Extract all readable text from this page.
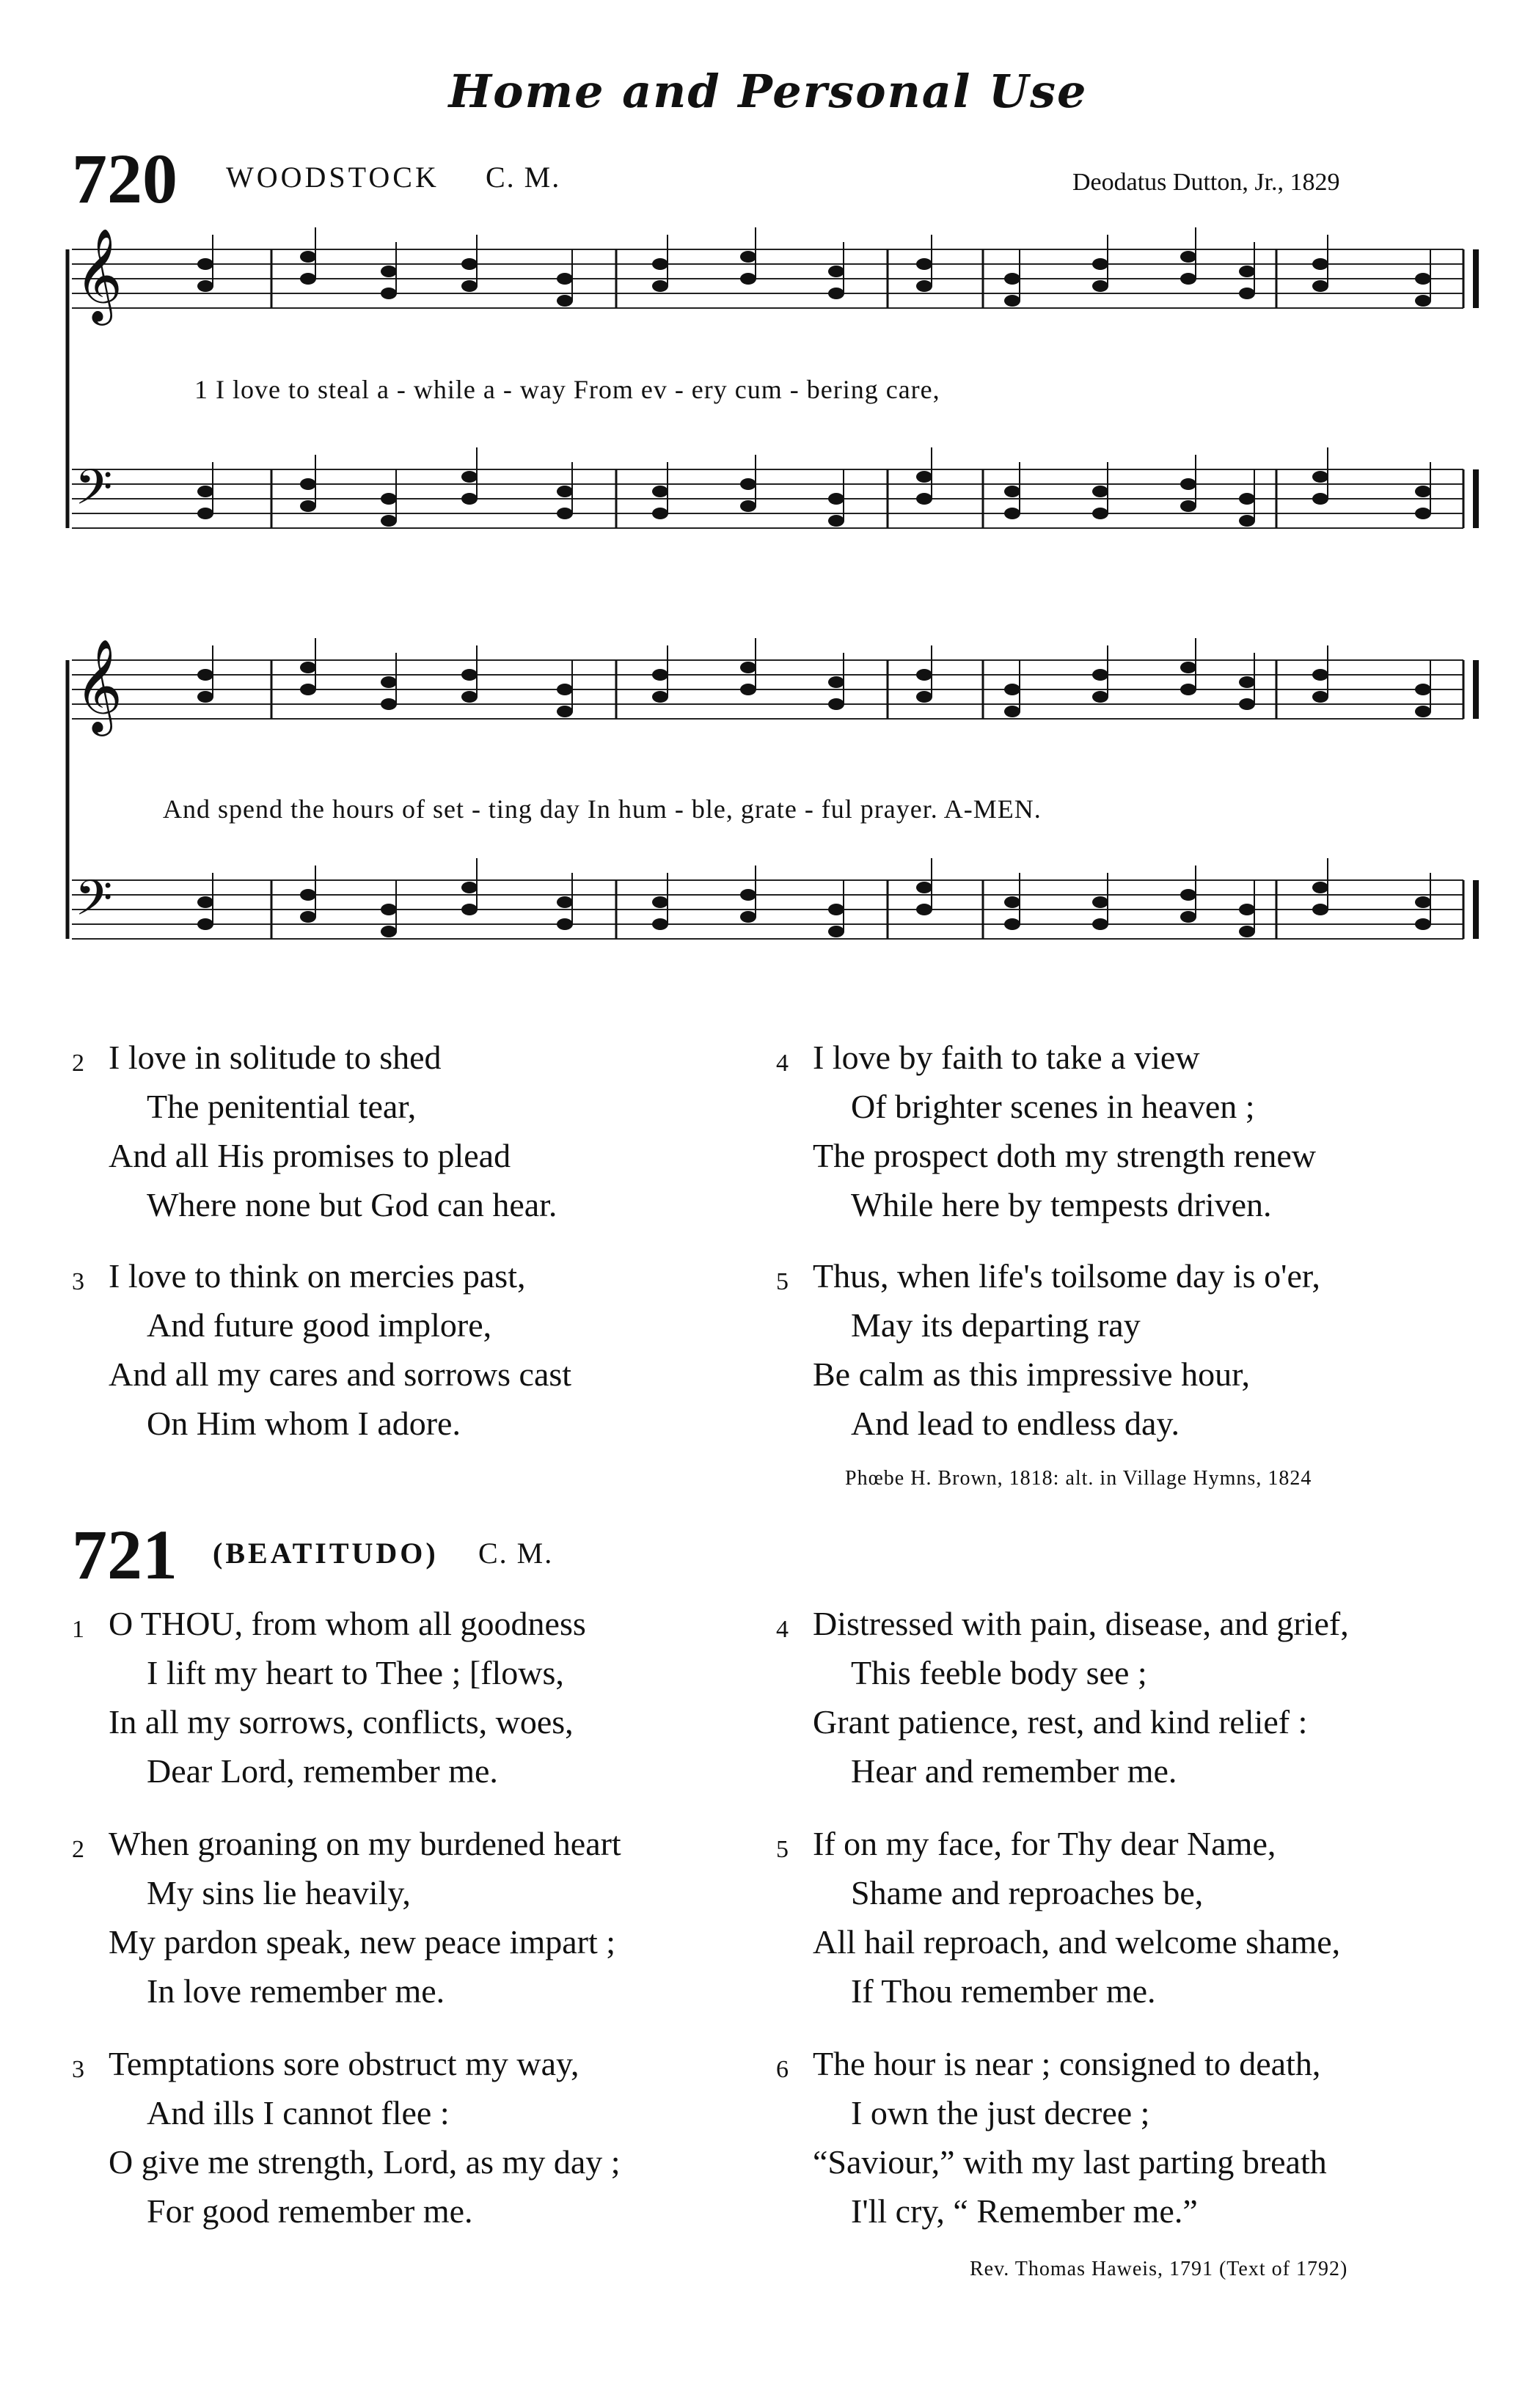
Home and Personal Use
720 WOODSTOCK C. M.	Deodatus Dutton, Jr., 1829
𝄞
𝄢
1 I love to steal a - while a - way From ev - ery cum - bering care,
𝄞
𝄢
And spend the hours of set - ting day In hum - ble, grate - ful prayer. A-MEN.
2 I love in solitude to shed
The penitential tear,
And all His promises to plead
Where none but God can hear.
3 I love to think on mercies past,
And future good implore,
And all my cares and sorrows cast
On Him whom I adore.
4 I love by faith to take a view
Of brighter scenes in heaven ;
The prospect doth my strength renew
While here by tempests driven.
5 Thus, when life's toilsome day is o'er,
May its departing ray
Be calm as this impressive hour,
And lead to endless day.
Phœbe H. Brown, 1818: alt. in Village Hymns, 1824
721 (BEATITUDO) C. M.
1 O THOU, from whom all goodness
I lift my heart to Thee ; [flows,
In all my sorrows, conflicts, woes,
Dear Lord, remember me.
2 When groaning on my burdened heart
My sins lie heavily,
My pardon speak, new peace impart ;
In love remember me.
3 Temptations sore obstruct my way,
And ills I cannot flee :
O give me strength, Lord, as my day ;
For good remember me.
4 Distressed with pain, disease, and grief,
This feeble body see ;
Grant patience, rest, and kind relief :
Hear and remember me.
5 If on my face, for Thy dear Name,
Shame and reproaches be,
All hail reproach, and welcome shame,
If Thou remember me.
6 The hour is near ; consigned to death,
I own the just decree ;
“Saviour,” with my last parting breath
I'll cry, “ Remember me.”
Rev. Thomas Haweis, 1791 (Text of 1792)
